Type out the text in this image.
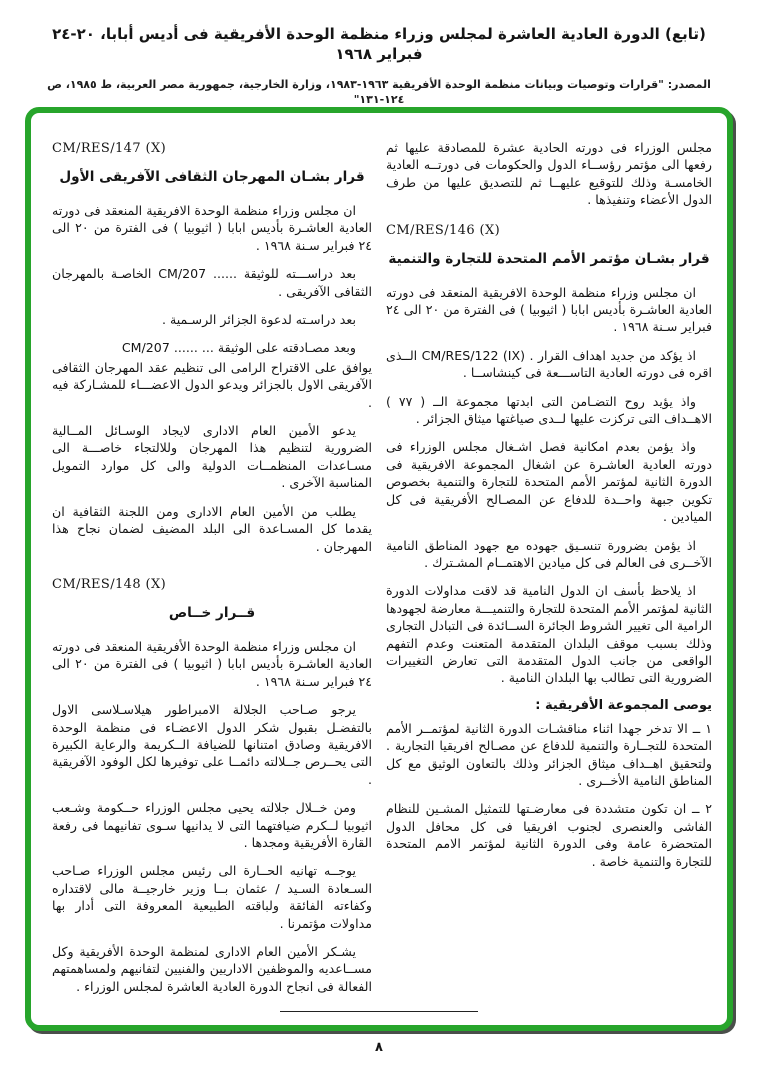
(تابع) الدورة العادية العاشرة لمجلس وزراء منظمة الوحدة الأفريقية فى أديس أبابا، ٢٠-٢٤ فبراير ١٩٦٨
المصدر: "قرارات وتوصيات وبيانات منظمة الوحدة الأفريقية ١٩٦٣-١٩٨٣، وزارة الخارجية، جمهورية مصر العربية، ط ١٩٨٥، ص ١٢٤-١٣١"

مجلس الوزراء فى دورته الحادية عشرة للمصادقة عليها ثم رفعها الى مؤتمر رؤســاء الدول والحكومات فى دورتــه العادية الخامسـة وذلك للتوقيع عليهــا ثم للتصديق عليها من طرف الدول الأعضاء وتنفيذها .

CM/RES/146 (X)
قرار بشـان مؤتمر الأمم المتحدة للتجارة والتنمية

ان مجلس وزراء منظمة الوحدة الافريقية المنعقد فى دورته العادية العاشـرة بأديس ابابا ( اثيوبيا ) فى الفترة من ٢٠ الى ٢٤ فبراير سـنة ١٩٦٨ .

اذ يؤكد من جديد اهداف القرار . CM/RES/122 (IX) الــذى اقره فى دورته العادية التاســـعة فى كينشاســا .

واذ يؤيد روح التضـامن التى ابدتها مجموعة الــ ( ٧٧ ) الاهــداف التى تركزت عليها لــدى صياغتها ميثاق الجزائر .

واذ يؤمن بعدم امكانية فصل اشـغال مجلس الوزراء فى دورته العادية العاشـرة عن اشغال المجموعة الافريقية فى الدورة الثانية لمؤتمر الأمم المتحدة للتجارة والتنمية بخصوص تكوين جبهة واحــدة للدفاع عن المصـالح الأفريقية فى كل الميادين .

اذ يؤمن بضرورة تنسـيق جهوده مع جهود المناطق النامية الآخــرى فى العالم فى كل ميادين الاهتمــام المشـترك .

اذ يلاحظ بأسف ان الدول النامية قد لاقت مداولات الدورة الثانية لمؤتمر الأمم المتحدة للتجارة والتنميـــة معارضة لجهودها الرامية الى تغيير الشروط الجائرة الســائدة فى التبادل التجارى وذلك بسبب موقف البلدان المتقدمة المتعنت وعدم التفهم الواقعى من جانب الدول المتقدمة التى تعارض التغييرات الضرورية التى تطالب بها البلدان النامية .

يوصى المجموعة الأفريقية :

١ ــ الا تدخر جهدا اثناء مناقشـات الدورة الثانية لمؤتمــر الأمم المتحدة للتجــارة والتنمية للدفاع عن مصـالح افريقيا التجارية . ولتحقيق اهــداف ميثاق الجزائر وذلك بالتعاون الوثيق مع كل المناطق النامية الأخــرى .

٢ ــ ان تكون متشددة فى معارضـتها للتمثيل المشـين للنظام الفاشى والعنصرى لجنوب افريقيا فى كل محافل الدول المتحضرة عامة وفى الدورة الثانية لمؤتمر الامم المتحدة للتجارة والتنمية خاصة .

CM/RES/147 (X)
قرار بشـان المهرجان الثقافى الآفريقى الأول

ان مجلس وزراء منظمة الوحدة الافريقية المنعقد فى دورته العادية العاشـرة بأديس ابابا ( اثيوبيا ) فى الفترة من ٢٠ الى ٢٤ فبراير سـنة ١٩٦٨ .

بعد دراســـته للوثيقة ...... CM/207 الخاصـة بالمهرجان الثقافى الآفريقى .

بعد دراسـته لدعوة الجزائر الرسـمية .

وبعد مصـادقته على الوثيقة ... ...... CM/207

يوافق على الاقتراح الرامى الى تنظيم عقد المهرجان الثقافى الآفريقى الاول بالجزائر ويدعو الدول الاعضـــاء للمشـاركة فيه .

يدعو الأمين العام الادارى لايجاد الوسـائل المــالية الضرورية لتنظيم هذا المهرجان وللالتجاء خاصـــة الى مسـاعدات المنظمــات الدولية والى كل موارد التمويل المناسبة الآخرى .

يطلب من الأمين العام الادارى ومن اللجنة الثقافية ان يقدما كل المسـاعدة الى البلد المضيف لضمان نجاح هذا المهرجان .

CM/RES/148 (X)
قــرار خــاص

ان مجلس وزراء منظمة الوحدة الأفريقية المنعقد فى دورته العادية العاشـرة بأديس ابابا ( اثيوبيا ) فى الفترة من ٢٠ الى ٢٤ فبراير سـنة ١٩٦٨ .

يرجو صـاحب الجلالة الامبراطور هيلاسـلاسى الاول بالتفضـل بقبول شكر الدول الاعضـاء فى منظمة الوحدة الافريقية وصادق امتنانها للضيافة الــكريمة والرعاية الكبيرة التى يحــرص جــلالته دائمــا على توفيرها لكل الوفود الآفريقية .

ومن خــلال جلالته يحيى مجلس الوزراء حــكومة وشـعب اثيوبيا لــكرم ضيافتهما التى لا يدانيها سـوى تفانيهما فى رفعة القارة الأفريقية ومجدها .

يوجــه تهانيه الحــارة الى رئيس مجلس الوزراء صـاحب السـعادة السـيد / عثمان بــا وزير خارجيــة مالى لاقتداره وكفاءته الفائقة ولباقته الطبيعية المعروفة التى أدار بها مداولات مؤتمرنا .

يشـكر الأمين العام الادارى لمنظمة الوحدة الأفريقية وكل مســاعديه والموظفين الاداريين والفنيين لتفانيهم ولمساهمتهم الفعالة فى انجاح الدورة العادية العاشرة لمجلس الوزراء .

٨
